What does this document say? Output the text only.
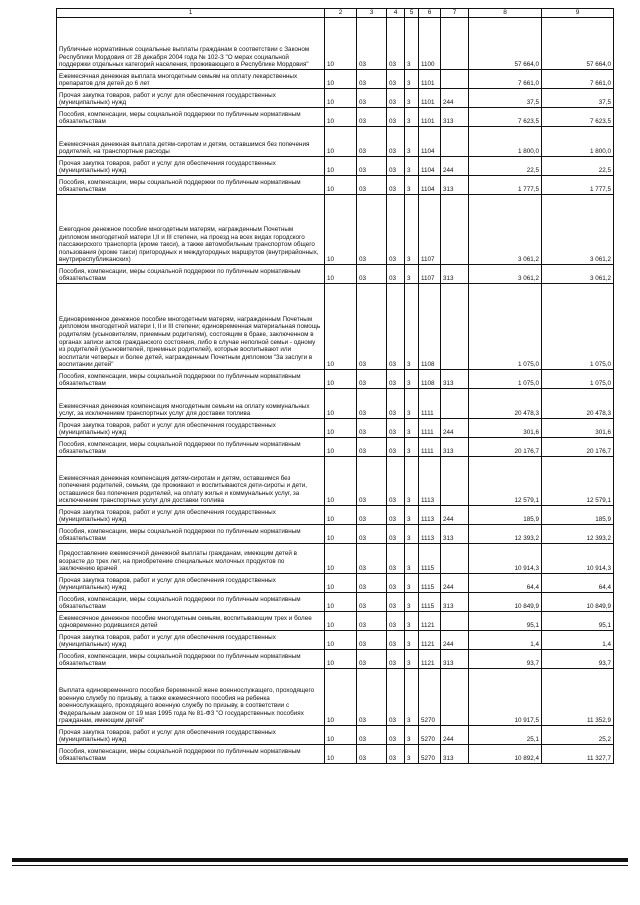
1	2	3	4	5	6	7	8	9
Публичные нормативные социальные выплаты гражданам в соответствии с Законом Республики Мордовия от 28 декабря 2004 года № 102-З "О мерах социальной поддержки отдельных категорий населения, проживающего в Республике Мордовия"	10	03	03	3	1100		57 664,0	57 664,0
Ежемесячная денежная выплата многодетным семьям на оплату лекарственных препаратов для детей до 6 лет	10	03	03	3	1101		7 661,0	7 661,0
Прочая закупка товаров, работ и услуг для обеспечения государственных (муниципальных) нужд	10	03	03	3	1101	244	37,5	37,5
Пособия, компенсации, меры социальной поддержки по публичным нормативным обязательствам	10	03	03	3	1101	313	7 623,5	7 623,5
Ежемесячная денежная выплата детям-сиротам и детям, оставшимся без попечения родителей, на транспортные расходы	10	03	03	3	1104		1 800,0	1 800,0
Прочая закупка товаров, работ и услуг для обеспечения государственных (муниципальных) нужд	10	03	03	3	1104	244	22,5	22,5
Пособия, компенсации, меры социальной поддержки по публичным нормативным обязательствам	10	03	03	3	1104	313	1 777,5	1 777,5
Ежегодное денежное пособие многодетным матерям, награжденным Почетным дипломом многодетной матери I,II и III степени, на проезд на всех видах городского пассажирского транспорта (кроме такси), а также автомобильным транспортом общего пользования (кроме такси) пригородных и междугородных маршрутов (внутрирайонных, внутриреспубликанских)	10	03	03	3	1107		3 061,2	3 061,2
Пособия, компенсации, меры социальной поддержки по публичным нормативным обязательствам	10	03	03	3	1107	313	3 061,2	3 061,2
Единовременное денежное пособие многодетным матерям, награжденным Почетным дипломом многодетной матери I, II и III степени; единовременная материальная помощь родителям (усыновителям, приемным родителям), состоящим в браке, заключенном в органах записи актов гражданского состояния, либо в случае неполной семьи - одному из родителей (усыновителей, приемных родителей), которые воспитывают или воспитали четверых и более детей, награжденным Почетным дипломом "За заслуги в воспитании детей"	10	03	03	3	1108		1 075,0	1 075,0
Пособия, компенсации, меры социальной поддержки по публичным нормативным обязательствам	10	03	03	3	1108	313	1 075,0	1 075,0
Ежемесячная денежная компенсация многодетным семьям на оплату коммунальных услуг, за исключением транспортных услуг для доставки топлива	10	03	03	3	1111		20 478,3	20 478,3
Прочая закупка товаров, работ и услуг для обеспечения государственных (муниципальных) нужд	10	03	03	3	1111	244	301,6	301,6
Пособия, компенсации, меры социальной поддержки по публичным нормативным обязательствам	10	03	03	3	1111	313	20 176,7	20 176,7
Ежемесячная денежная компенсация детям-сиротам и детям, оставшимся без попечения родителей, семьям, где проживают и воспитываются дети-сироты и дети, оставшиеся без попечения родителей, на оплату жилья и коммунальных услуг, за исключением транспортных услуг для доставки топлива	10	03	03	3	1113		12 579,1	12 579,1
Прочая закупка товаров, работ и услуг для обеспечения государственных (муниципальных) нужд	10	03	03	3	1113	244	185,9	185,9
Пособия, компенсации, меры социальной поддержки по публичным нормативным обязательствам	10	03	03	3	1113	313	12 393,2	12 393,2
Предоставление ежемесячной денежной выплаты гражданам, имеющим детей в возрасте до трех лет, на приобретение специальных молочных продуктов по заключению врачей	10	03	03	3	1115		10 914,3	10 914,3
Прочая закупка товаров, работ и услуг для обеспечения государственных (муниципальных) нужд	10	03	03	3	1115	244	64,4	64,4
Пособия, компенсации, меры социальной поддержки по публичным нормативным обязательствам	10	03	03	3	1115	313	10 849,9	10 849,9
Ежемесячное денежное пособие многодетным семьям, воспитывающим трех и более одновременно родившихся детей	10	03	03	3	1121		95,1	95,1
Прочая закупка товаров, работ и услуг для обеспечения государственных (муниципальных) нужд	10	03	03	3	1121	244	1,4	1,4
Пособия, компенсации, меры социальной поддержки по публичным нормативным обязательствам	10	03	03	3	1121	313	93,7	93,7
Выплата единовременного пособия беременной жене военнослужащего, проходящего военную службу по призыву, а также ежемесячного пособия на ребенка военнослужащего, проходящего военную службу по призыву, в соответствии с Федеральным законом от 19 мая 1995 года № 81-ФЗ "О государственных пособиях гражданам, имеющим детей"	10	03	03	3	5270		10 917,5	11 352,9
Прочая закупка товаров, работ и услуг для обеспечения государственных (муниципальных) нужд	10	03	03	3	5270	244	25,1	25,2
Пособия, компенсации, меры социальной поддержки по публичным нормативным обязательствам	10	03	03	3	5270	313	10 892,4	11 327,7
